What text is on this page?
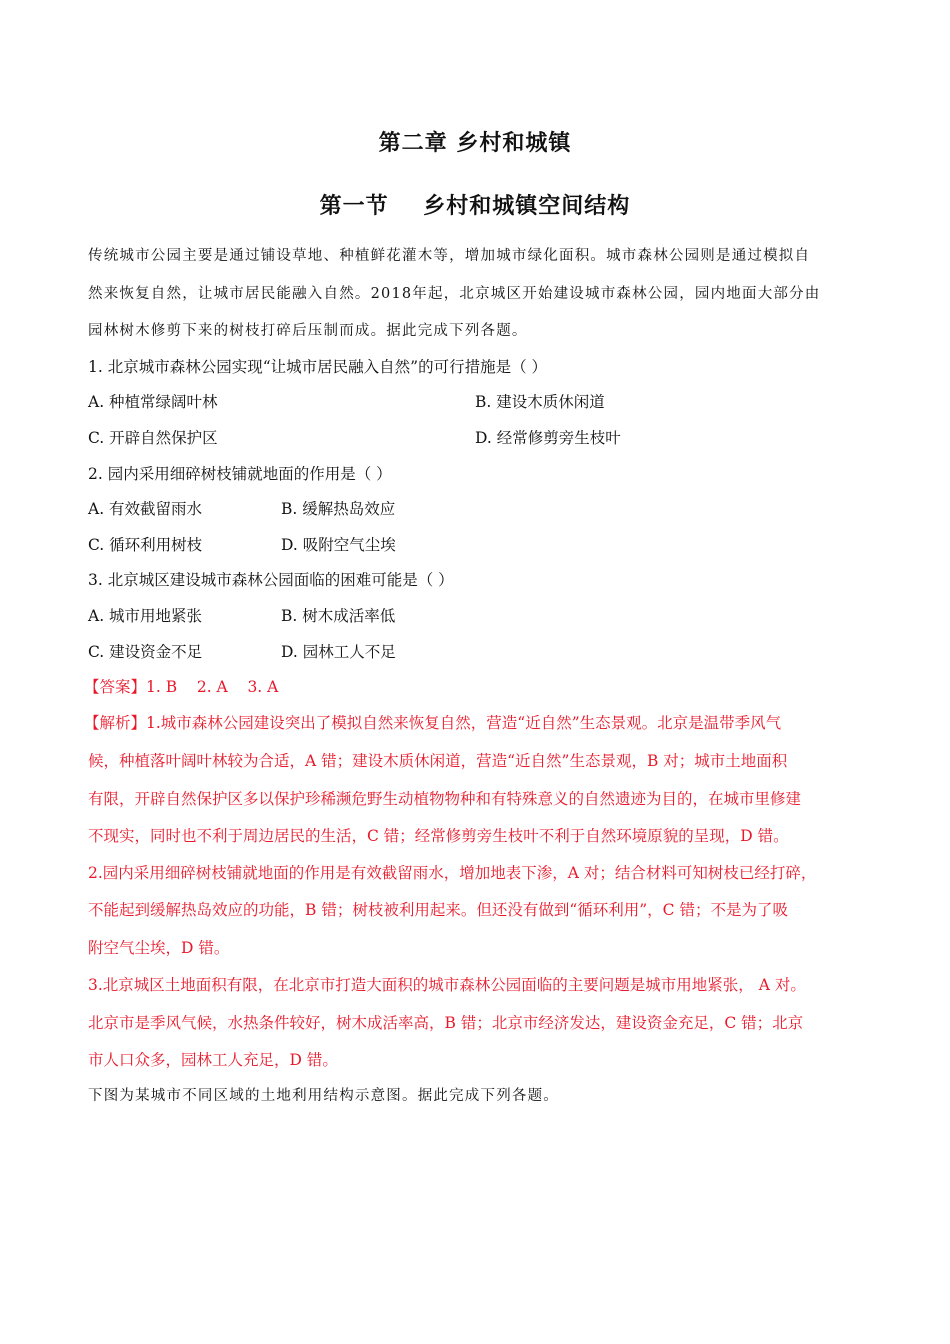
第二章 乡村和城镇
第一节    乡村和城镇空间结构
传统城市公园主要是通过铺设草地、种植鲜花灌木等，增加城市绿化面积。城市森林公园则是通过模拟自
然来恢复自然，让城市居民能融入自然。2018年起，北京城区开始建设城市森林公园，园内地面大部分由
园林树木修剪下来的树枝打碎后压制而成。据此完成下列各题。
1. 北京城市森林公园实现“让城市居民融入自然”的可行措施是（ ）
A. 种植常绿阔叶林	B. 建设木质休闲道
C. 开辟自然保护区	D. 经常修剪旁生枝叶
2. 园内采用细碎树枝铺就地面的作用是（ ）
A. 有效截留雨水	B. 缓解热岛效应
C. 循环利用树枝	D. 吸附空气尘埃
3. 北京城区建设城市森林公园面临的困难可能是（ ）
A. 城市用地紧张	B. 树木成活率低
C. 建设资金不足	D. 园林工人不足
【答案】1. B    2. A    3. A
【解析】1.城市森林公园建设突出了模拟自然来恢复自然，营造“近自然”生态景观。北京是温带季风气
候，种植落叶阔叶林较为合适，A 错；建设木质休闲道，营造“近自然”生态景观，B 对；城市土地面积
有限，开辟自然保护区多以保护珍稀濒危野生动植物物种和有特殊意义的自然遗迹为目的，在城市里修建
不现实，同时也不利于周边居民的生活，C 错；经常修剪旁生枝叶不利于自然环境原貌的呈现，D 错。
2.园内采用细碎树枝铺就地面的作用是有效截留雨水，增加地表下渗，A 对；结合材料可知树枝已经打碎，
不能起到缓解热岛效应的功能，B 错；树枝被利用起来。但还没有做到“循环利用”，C 错；不是为了吸
附空气尘埃，D 错。
3.北京城区土地面积有限，在北京市打造大面积的城市森林公园面临的主要问题是城市用地紧张， A 对。
北京市是季风气候，水热条件较好，树木成活率高，B 错；北京市经济发达，建设资金充足，C 错；北京
市人口众多，园林工人充足，D 错。
下图为某城市不同区域的土地利用结构示意图。据此完成下列各题。
